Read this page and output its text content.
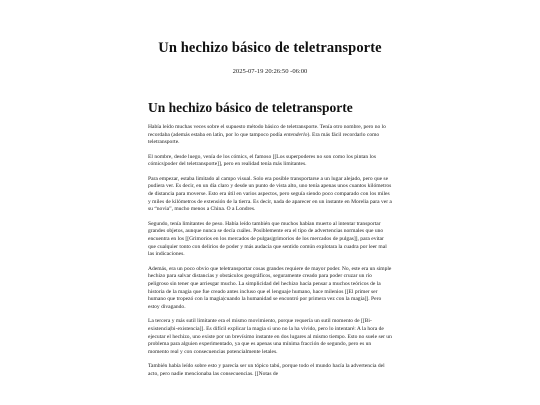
Un hechizo básico de teletransporte
2025-07-19 20:26:50 -06:00
Un hechizo básico de teletransporte

Había leído muchas veces sobre el supuesto método básico de teletransporte. Tenía otro nombre, pero no lo recordaba (además estaba en latín, por lo que tampoco podía entenderlo). Era más fácil recordarlo como teletransporte.

El nombre, desde luego, venía de los cómics, el famoso [[Los superpoderes no son como los pintan los cómics|poder del teletransporte]], pero en realidad tenía más limitantes.

Para empezar, estaba limitado al campo visual. Solo era posible transportarse a un lugar alejado, pero que se pudiera ver. Es decir, en un día claro y desde un punto de vista alto, uno tenía apenas unos cuantos kilómetros de distancia para moverse. Esto era útil en varios aspectos, pero seguía siendo poco comparado con los miles y miles de kilómetros de extensión de la tierra. Es decir, nada de aparecer en un instante en Morelia para ver a su “novia”, mucho menos a China. O a Londres.

Segundo, tenía limitantes de peso. Había leído también que muchos habían muerto al intentar transportar grandes objetos, aunque nunca se decía cuáles. Posiblemente era el tipo de advertencias normales que uno encuentra en los [[Grimorios en los mercados de pulgas|grimorios de los mercados de pulgas]], para evitar que cualquier tonto con delirios de poder y más audacia que sentido común explotara la cuadra por leer mal las indicaciones.

Además, era un poco obvio que teletransportar cosas grandes requiere de mayor poder. No, este era un simple hechizo para salvar distancias y obstáculos geográficos, seguramente creado para poder cruzar un río peligroso sin tener que arriesgar mucho. La simplicidad del hechizo hacía pensar a muchos teóricos de la historia de la magia que fue creado antes incluso que el lenguaje humano, hace milenios [[El primer ser humano que tropezó con la magia|cuando la humanidad se encontró por primera vez con la magia]]. Pero estoy divagando.

La tercera y más sutil limitante era el mismo movimiento, porque requería un sutil momento de [[Bi-existencia|bi-existencia]]. Es difícil explicar la magia si uno no la ha vivido, pero lo intentaré: A la hora de ejecutar el hechizo, uno existe por un brevísimo instante en dos lugares al mismo tiempo. Esto no suele ser un problema para alguien experimentado, ya que es apenas una mínima fracción de segundo, pero es un momento real y con consecuencias potencialmente letales.

También había leído sobre esto y parecía ser un tópico tabú, porque todo el mundo hacía la advertencia del acto, pero nadie mencionaba las consecuencias. [[Notas de
